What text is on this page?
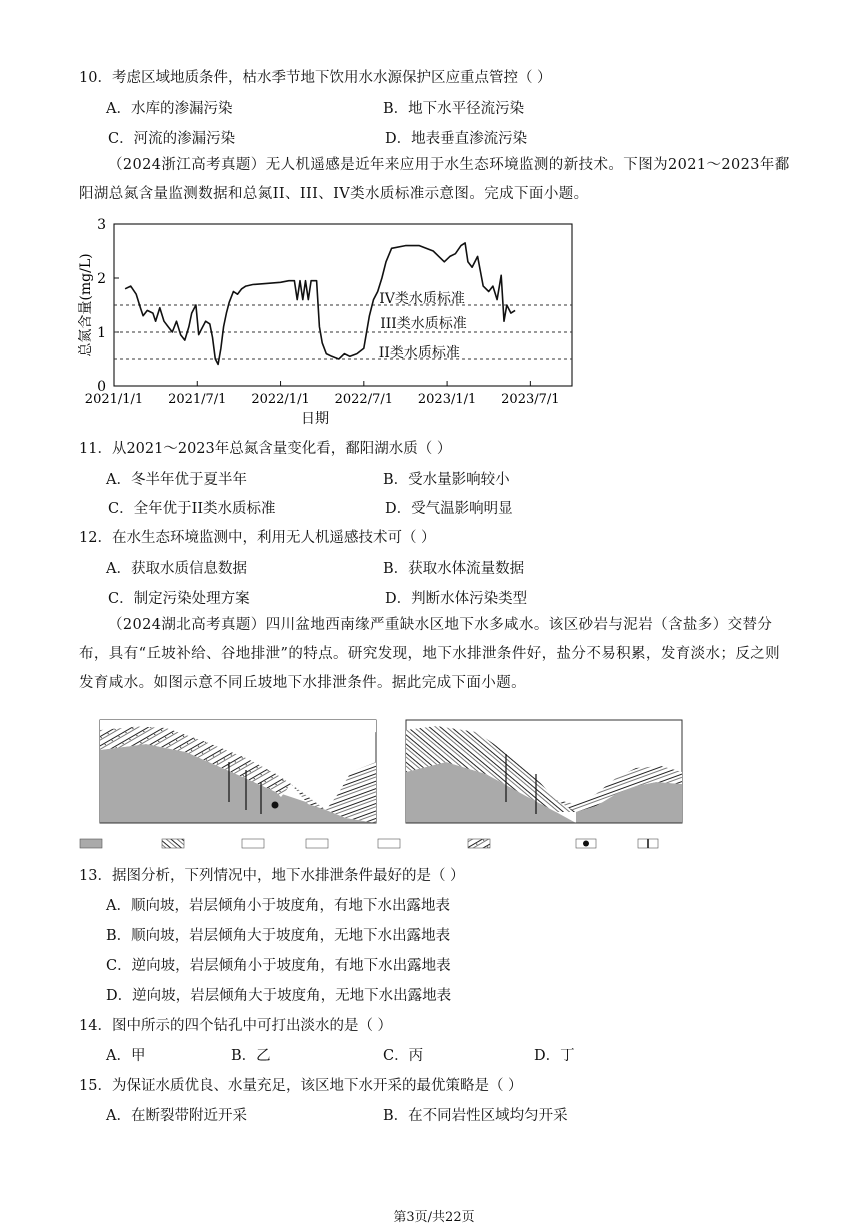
10．考虑区域地质条件，枯水季节地下饮用水水源保护区应重点管控（ ）
A．水库的渗漏污染	B．地下水平径流污染
C．河流的渗漏污染	D．地表垂直渗流污染
（2024浙江高考真题）无人机遥感是近年来应用于水生态环境监测的新技术。下图为2021～2023年鄱阳湖总氮含量监测数据和总氮II、III、IV类水质标准示意图。完成下面小题。
0
1
2
3
2021/1/1 2021/7/1 2022/1/1 2022/7/1 2023/1/1 2023/7/1
IV类水质标准
III类水质标准
II类水质标准
总氮含量(mg/L)
日期
11．从2021～2023年总氮含量变化看，鄱阳湖水质（ ）
A．冬半年优于夏半年	B．受水量影响较小
C．全年优于II类水质标准	D．受气温影响明显
12．在水生态环境监测中，利用无人机遥感技术可（ ）
A．获取水质信息数据	B．获取水体流量数据
C．制定污染处理方案	D．判断水体污染类型
（2024湖北高考真题）四川盆地西南缘严重缺水区地下水多咸水。该区砂岩与泥岩（含盐多）交替分布，具有“丘坡补给、谷地排泄”的特点。研究发现，地下水排泄条件好，盐分不易积累，发育淡水；反之则发育咸水。如图示意不同丘坡地下水排泄条件。据此完成下面小题。
13．据图分析，下列情况中，地下水排泄条件最好的是（ ）
A．顺向坡，岩层倾角小于坡度角，有地下水出露地表
B．顺向坡，岩层倾角大于坡度角，无地下水出露地表
C．逆向坡，岩层倾角小于坡度角，有地下水出露地表
D．逆向坡，岩层倾角大于坡度角，无地下水出露地表
14．图中所示的四个钻孔中可打出淡水的是（ ）
A．甲	B．乙	C．丙	D．丁
15．为保证水质优良、水量充足，该区地下水开采的最优策略是（ ）
A．在断裂带附近开采	B．在不同岩性区域均匀开采
第3页/共22页
